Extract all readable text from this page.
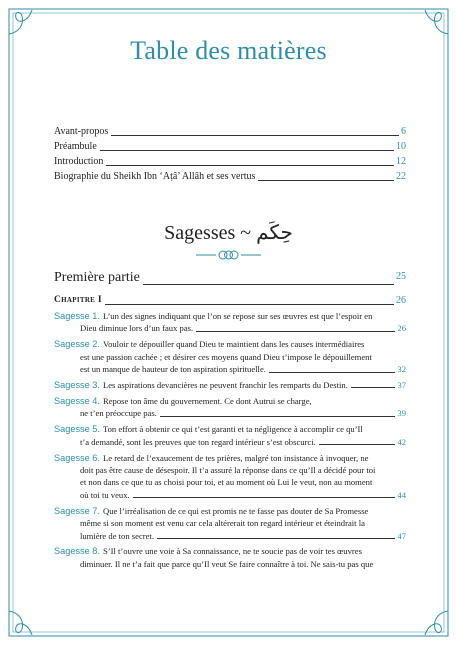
Table des matières
Avant-propos	6
Préambule	10
Introduction	12
Biographie du Sheikh Ibn ‘Aṭâ’ Allâh et ses vertus	22
Sagesses ~ حِكَم
Première partie	25
Chapitre I	26
Sagesse 1. L’un des signes indiquant que l’on se repose sur ses œuvres est que l’espoir en
Dieu diminue lors d’un faux pas.	26
Sagesse 2. Vouloir te dépouiller quand Dieu te maintient dans les causes intermédiaires
est une passion cachée ; et désirer ces moyens quand Dieu t’impose le dépouillement
est un manque de hauteur de ton aspiration spirituelle.	32
Sagesse 3. Les aspirations devancières ne peuvent franchir les remparts du Destin.	37
Sagesse 4. Repose ton âme du gouvernement. Ce dont Autrui se charge,
ne t’en préoccupe pas.	39
Sagesse 5. Ton effort à obtenir ce qui t’est garanti et ta négligence à accomplir ce qu’Il
t’a demandé, sont les preuves que ton regard intérieur s’est obscurci.	42
Sagesse 6. Le retard de l’exaucement de tes prières, malgré ton insistance à invoquer, ne
doit pas être cause de désespoir. Il t’a assuré la réponse dans ce qu’Il a décidé pour toi
et non dans ce que tu as choisi pour toi, et au moment où Lui le veut, non au moment
où toi tu veux.	44
Sagesse 7. Que l’irréalisation de ce qui est promis ne te fasse pas douter de Sa Promesse
même si son moment est venu car cela altérerait ton regard intérieur et éteindrait la
lumière de ton secret.	47
Sagesse 8. S’Il t’ouvre une voie à Sa connaissance, ne te soucie pas de voir tes œuvres
diminuer. Il ne t’a fait que parce qu’Il veut Se faire connaître à toi. Ne sais-tu pas que
